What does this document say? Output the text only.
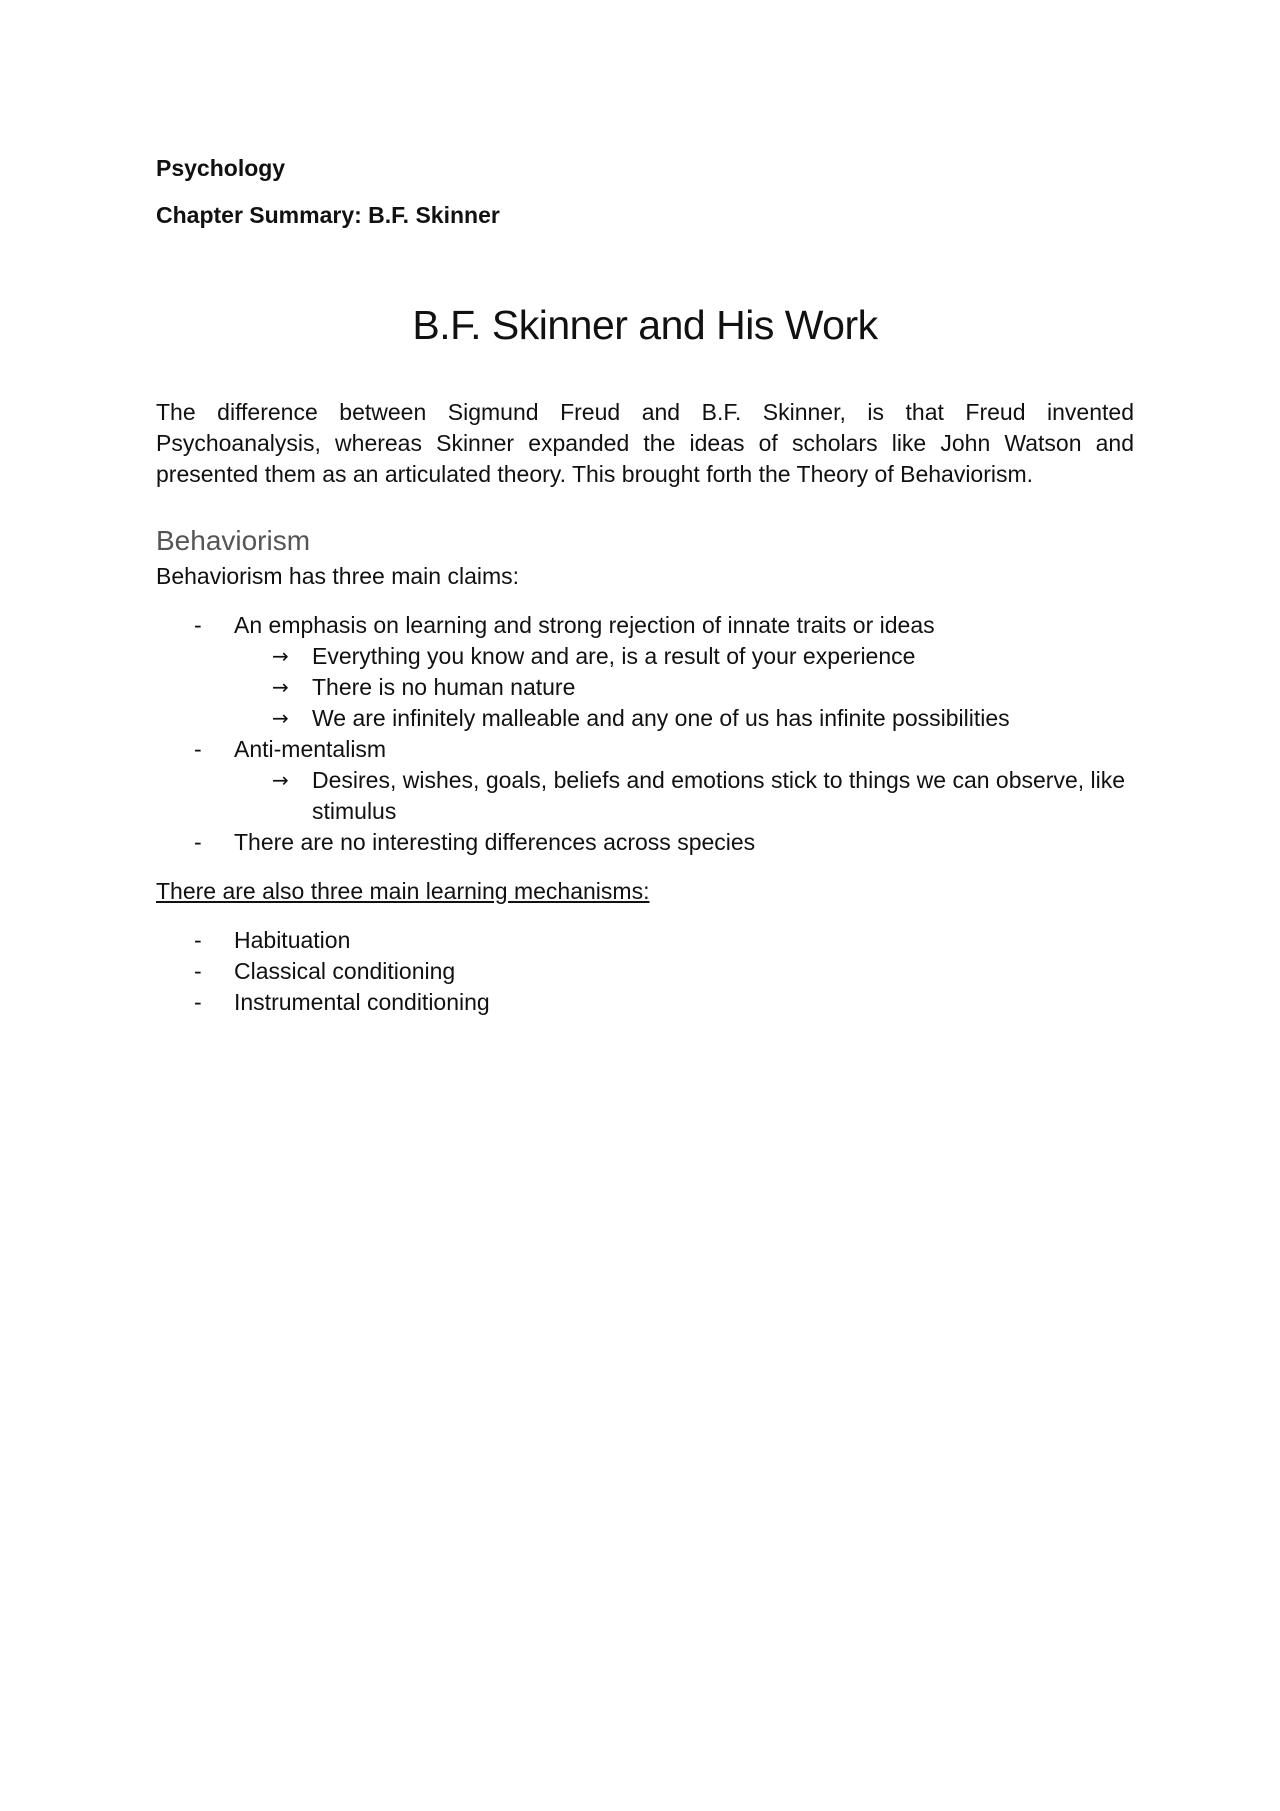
Psychology

Chapter Summary: B.F. Skinner

B.F. Skinner and His Work

The difference between Sigmund Freud and B.F. Skinner, is that Freud invented Psychoanalysis, whereas Skinner expanded the ideas of scholars like John Watson and presented them as an articulated theory. This brought forth the Theory of Behaviorism.

Behaviorism

Behaviorism has three main claims:

- An emphasis on learning and strong rejection of innate traits or ideas
→ Everything you know and are, is a result of your experience
→ There is no human nature
→ We are infinitely malleable and any one of us has infinite possibilities
- Anti-mentalism
→ Desires, wishes, goals, beliefs and emotions stick to things we can observe, like stimulus
- There are no interesting differences across species

There are also three main learning mechanisms:

- Habituation
- Classical conditioning
- Instrumental conditioning
